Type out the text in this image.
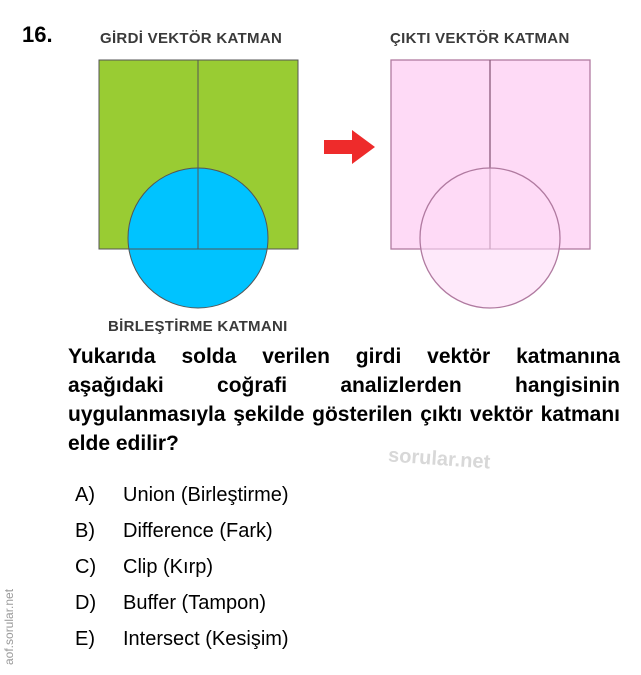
16.	GİRDİ VEKTÖR KATMAN	ÇIKTI VEKTÖR KATMAN
BİRLEŞTİRME KATMANI
Yukarıda solda verilen girdi vektör katmanına aşağıdaki coğrafi analizlerden hangisinin uygulanmasıyla şekilde gösterilen çıktı vektör katmanı elde edilir?
sorular.net
aof.sorular.net
A)	Union (Birleştirme)
B)	Difference (Fark)
C)	Clip (Kırp)
D)	Buffer (Tampon)
E)	Intersect (Kesişim)
